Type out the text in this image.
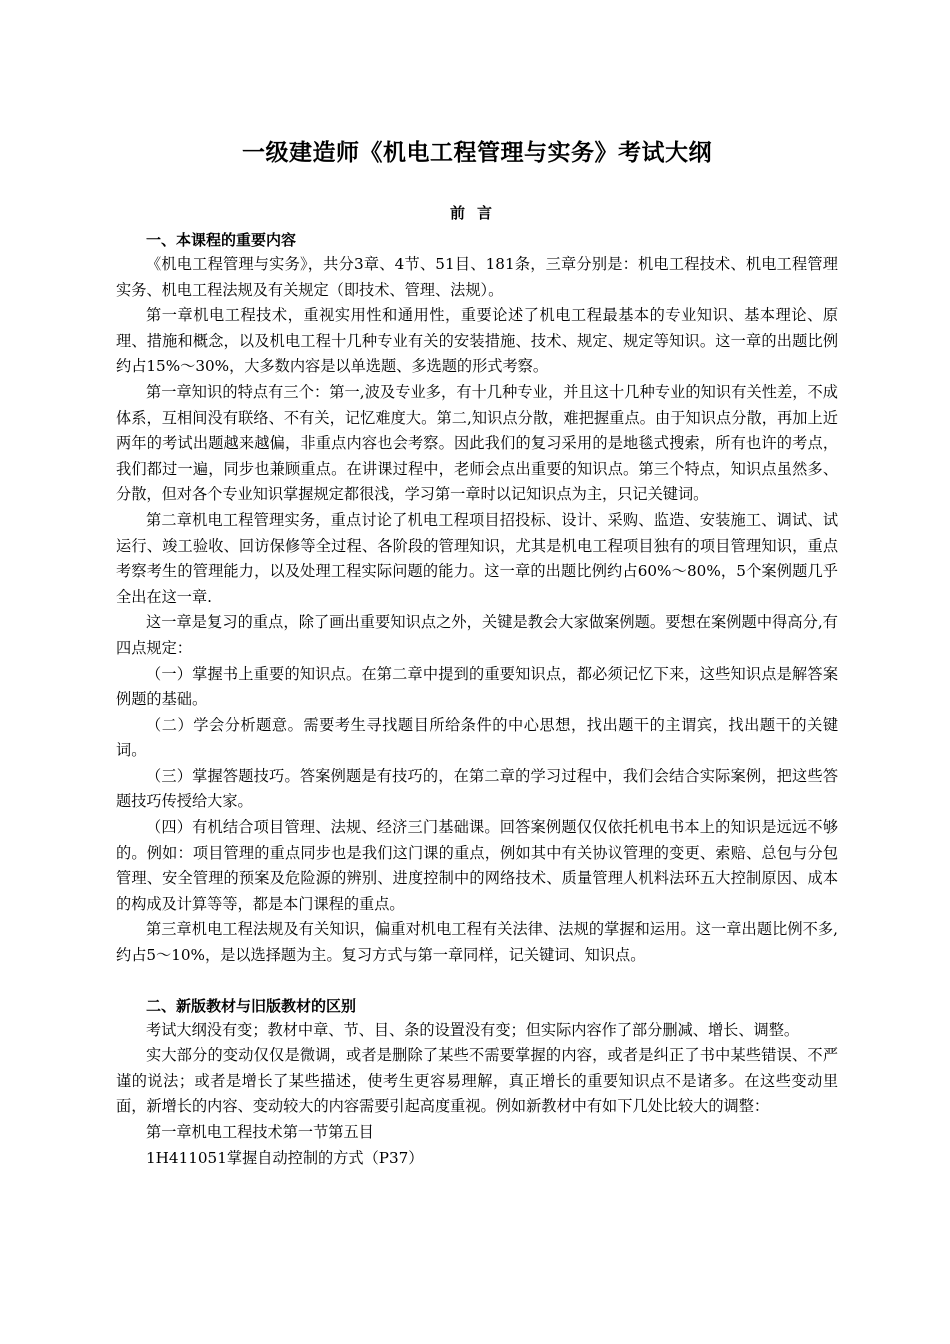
一级建造师《机电工程管理与实务》考试大纲
前言
一、本课程的重要内容

《机电工程管理与实务》，共分3章、4节、51目、181条，三章分别是：机电工程技术、机电工程管理实务、机电工程法规及有关规定（即技术、管理、法规）。

第一章机电工程技术，重视实用性和通用性，重要论述了机电工程最基本的专业知识、基本理论、原理、措施和概念，以及机电工程十几种专业有关的安装措施、技术、规定、规定等知识。这一章的出题比例约占15%～30%，大多数内容是以单选题、多选题的形式考察。

第一章知识的特点有三个：第一,波及专业多，有十几种专业，并且这十几种专业的知识有关性差，不成体系，互相间没有联络、不有关，记忆难度大。第二,知识点分散，难把握重点。由于知识点分散，再加上近两年的考试出题越来越偏，非重点内容也会考察。因此我们的复习采用的是地毯式搜索，所有也许的考点，我们都过一遍，同步也兼顾重点。在讲课过程中，老师会点出重要的知识点。第三个特点，知识点虽然多、分散，但对各个专业知识掌握规定都很浅，学习第一章时以记知识点为主，只记关键词。

第二章机电工程管理实务，重点讨论了机电工程项目招投标、设计、采购、监造、安装施工、调试、试运行、竣工验收、回访保修等全过程、各阶段的管理知识，尤其是机电工程项目独有的项目管理知识，重点考察考生的管理能力，以及处理工程实际问题的能力。这一章的出题比例约占60%～80%，5个案例题几乎全出在这一章.

这一章是复习的重点，除了画出重要知识点之外，关键是教会大家做案例题。要想在案例题中得高分,有四点规定：

（一）掌握书上重要的知识点。在第二章中提到的重要知识点，都必须记忆下来，这些知识点是解答案例题的基础。

（二）学会分析题意。需要考生寻找题目所给条件的中心思想，找出题干的主谓宾，找出题干的关键词。

（三）掌握答题技巧。答案例题是有技巧的，在第二章的学习过程中，我们会结合实际案例，把这些答题技巧传授给大家。

（四）有机结合项目管理、法规、经济三门基础课。回答案例题仅仅依托机电书本上的知识是远远不够的。例如：项目管理的重点同步也是我们这门课的重点，例如其中有关协议管理的变更、索赔、总包与分包管理、安全管理的预案及危险源的辨别、进度控制中的网络技术、质量管理人机料法环五大控制原因、成本的构成及计算等等，都是本门课程的重点。

第三章机电工程法规及有关知识，偏重对机电工程有关法律、法规的掌握和运用。这一章出题比例不多,约占5～10%，是以选择题为主。复习方式与第一章同样，记关键词、知识点。

二、新版教材与旧版教材的区别

考试大纲没有变；教材中章、节、目、条的设置没有变；但实际内容作了部分删减、增长、调整。

实大部分的变动仅仅是微调，或者是删除了某些不需要掌握的内容，或者是纠正了书中某些错误、不严谨的说法；或者是增长了某些描述，使考生更容易理解，真正增长的重要知识点不是诸多。在这些变动里面，新增长的内容、变动较大的内容需要引起高度重视。例如新教材中有如下几处比较大的调整：

第一章机电工程技术第一节第五目

1H411051掌握自动控制的方式（P37）
